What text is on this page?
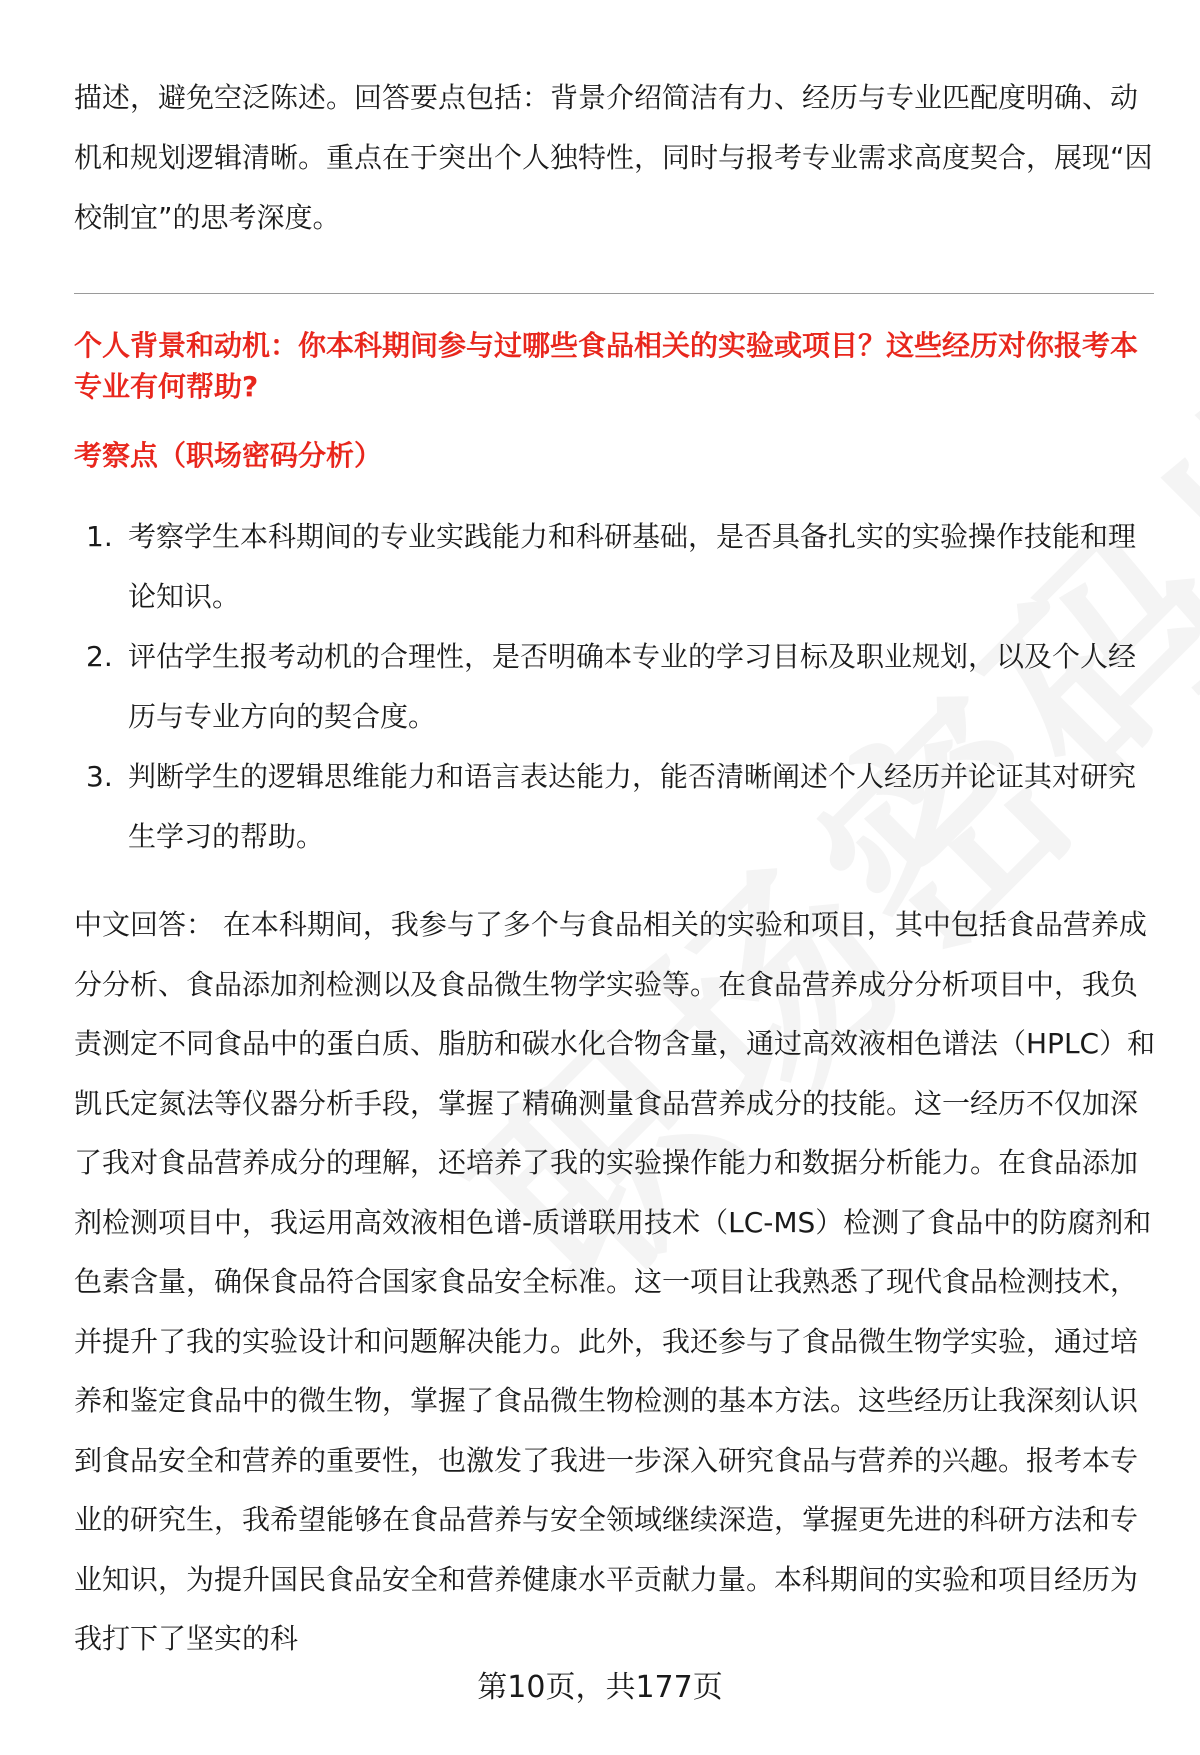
描述，避免空泛陈述。回答要点包括：背景介绍简洁有力、经历与专业匹配度明确、动机和规划逻辑清晰。重点在于突出个人独特性，同时与报考专业需求高度契合，展现“因校制宜”的思考深度。

个人背景和动机：你本科期间参与过哪些食品相关的实验或项目？这些经历对你报考本专业有何帮助?
考察点（职场密码分析）
1. 考察学生本科期间的专业实践能力和科研基础，是否具备扎实的实验操作技能和理论知识。
2. 评估学生报考动机的合理性，是否明确本专业的学习目标及职业规划，以及个人经历与专业方向的契合度。
3. 判断学生的逻辑思维能力和语言表达能力，能否清晰阐述个人经历并论证其对研究生学习的帮助。

中文回答： 在本科期间，我参与了多个与食品相关的实验和项目，其中包括食品营养成分分析、食品添加剂检测以及食品微生物学实验等。在食品营养成分分析项目中，我负责测定不同食品中的蛋白质、脂肪和碳水化合物含量，通过高效液相色谱法（HPLC）和凯氏定氮法等仪器分析手段，掌握了精确测量食品营养成分的技能。这一经历不仅加深了我对食品营养成分的理解，还培养了我的实验操作能力和数据分析能力。在食品添加剂检测项目中，我运用高效液相色谱-质谱联用技术（LC-MS）检测了食品中的防腐剂和色素含量，确保食品符合国家食品安全标准。这一项目让我熟悉了现代食品检测技术，并提升了我的实验设计和问题解决能力。此外，我还参与了食品微生物学实验，通过培养和鉴定食品中的微生物，掌握了食品微生物检测的基本方法。这些经历让我深刻认识到食品安全和营养的重要性，也激发了我进一步深入研究食品与营养的兴趣。报考本专业的研究生，我希望能够在食品营养与安全领域继续深造，掌握更先进的科研方法和专业知识，为提升国民食品安全和营养健康水平贡献力量。本科期间的实验和项目经历为我打下了坚实的科

第10页，共177页
